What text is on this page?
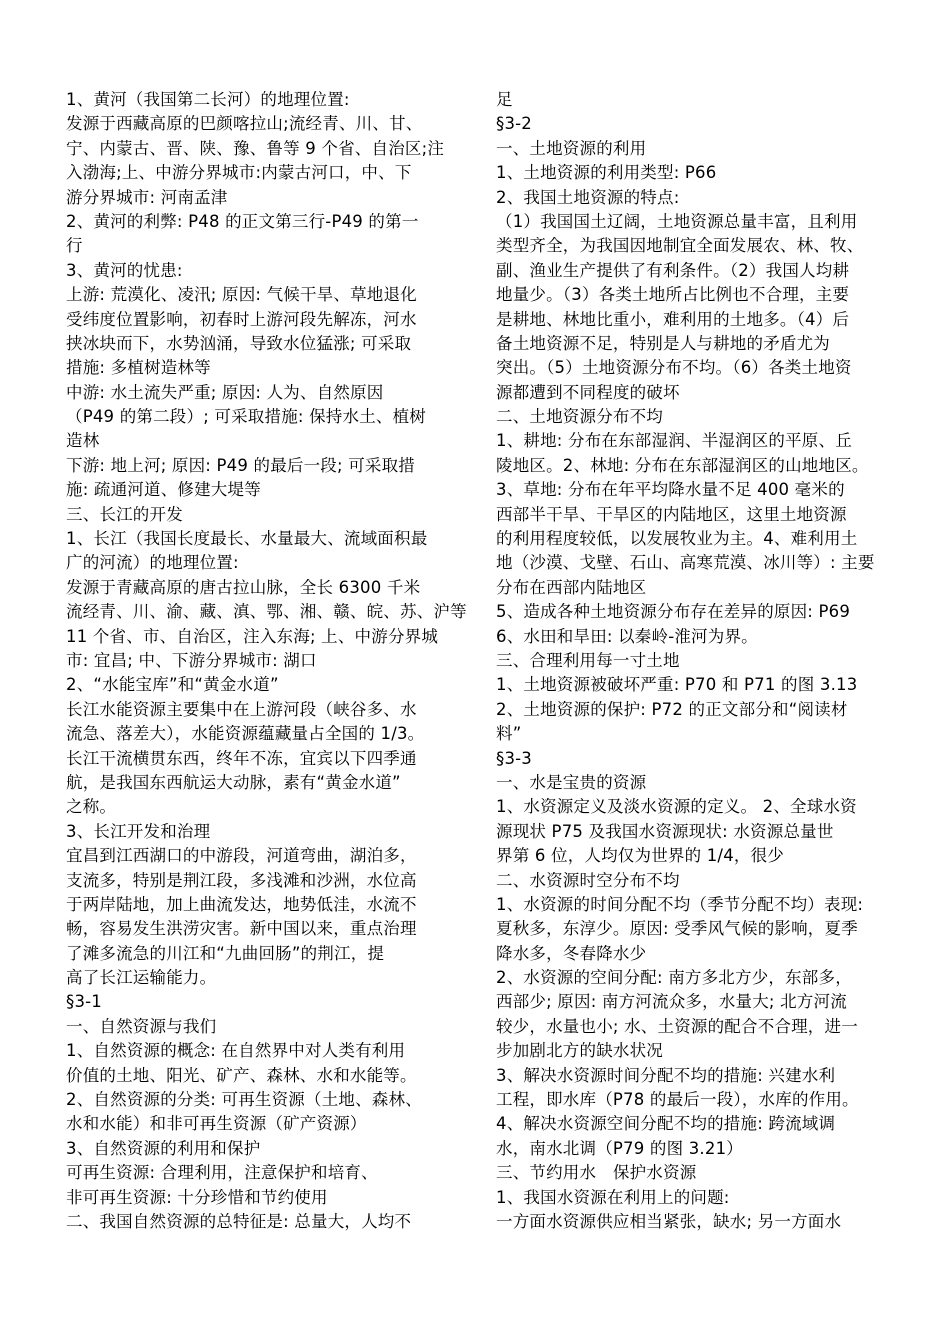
1、黄河（我国第二长河）的地理位置:
发源于西藏高原的巴颜喀拉山;流经青、川、甘、
宁、内蒙古、晋、陕、豫、鲁等 9 个省、自治区;注
入渤海;上、中游分界城市:内蒙古河口，中、下
游分界城市: 河南孟津
2、黄河的利弊: P48 的正文第三行-P49 的第一
行
3、黄河的忧患:
上游: 荒漠化、凌汛; 原因: 气候干旱、草地退化
受纬度位置影响，初春时上游河段先解冻，河水
挟冰块而下，水势汹涌，导致水位猛涨; 可采取
措施: 多植树造林等
中游: 水土流失严重; 原因: 人为、自然原因
（P49 的第二段）; 可采取措施: 保持水土、植树
造林
下游: 地上河; 原因: P49 的最后一段; 可采取措
施: 疏通河道、修建大堤等
三、长江的开发
1、长江（我国长度最长、水量最大、流域面积最
广的河流）的地理位置:
发源于青藏高原的唐古拉山脉，全长 6300 千米
流经青、川、渝、藏、滇、鄂、湘、赣、皖、苏、沪等
11 个省、市、自治区，注入东海; 上、中游分界城
市: 宜昌; 中、下游分界城市: 湖口
2、“水能宝库”和“黄金水道”
长江水能资源主要集中在上游河段（峡谷多、水
流急、落差大），水能资源蕴藏量占全国的 1/3。
长江干流横贯东西，终年不冻，宜宾以下四季通
航，是我国东西航运大动脉，素有“黄金水道”
之称。
3、长江开发和治理
宜昌到江西湖口的中游段，河道弯曲，湖泊多，
支流多，特别是荆江段，多浅滩和沙洲，水位高
于两岸陆地，加上曲流发达，地势低洼，水流不
畅，容易发生洪涝灾害。新中国以来，重点治理
了滩多流急的川江和“九曲回肠”的荆江，提
高了长江运输能力。
§3-1
一、自然资源与我们
1、自然资源的概念: 在自然界中对人类有利用
价值的土地、阳光、矿产、森林、水和水能等。
2、自然资源的分类: 可再生资源（土地、森林、
水和水能）和非可再生资源（矿产资源）
3、自然资源的利用和保护
可再生资源: 合理利用，注意保护和培育、
非可再生资源: 十分珍惜和节约使用
二、我国自然资源的总特征是: 总量大，人均不
足
§3-2
一、土地资源的利用
1、土地资源的利用类型: P66
2、我国土地资源的特点:
（1）我国国土辽阔，土地资源总量丰富，且利用
类型齐全，为我国因地制宜全面发展农、林、牧、
副、渔业生产提供了有利条件。（2）我国人均耕
地量少。（3）各类土地所占比例也不合理，主要
是耕地、林地比重小，难利用的土地多。（4）后
备土地资源不足，特别是人与耕地的矛盾尤为
突出。（5）土地资源分布不均。（6）各类土地资
源都遭到不同程度的破坏
二、土地资源分布不均
1、耕地: 分布在东部湿润、半湿润区的平原、丘
陵地区。2、林地: 分布在东部湿润区的山地地区。
3、草地: 分布在年平均降水量不足 400 毫米的
西部半干旱、干旱区的内陆地区，这里土地资源
的利用程度较低，以发展牧业为主。4、难利用土
地（沙漠、戈壁、石山、高寒荒漠、冰川等）: 主要
分布在西部内陆地区
5、造成各种土地资源分布存在差异的原因: P69
6、水田和旱田: 以秦岭-淮河为界。
三、合理利用每一寸土地
1、土地资源被破坏严重: P70 和 P71 的图 3.13
2、土地资源的保护: P72 的正文部分和“阅读材
料”
§3-3
一、水是宝贵的资源
1、水资源定义及淡水资源的定义。 2、全球水资
源现状 P75 及我国水资源现状: 水资源总量世
界第 6 位，人均仅为世界的 1/4，很少
二、水资源时空分布不均
1、水资源的时间分配不均（季节分配不均）表现:
夏秋多，东淳少。原因: 受季风气候的影响，夏季
降水多，冬春降水少
2、水资源的空间分配: 南方多北方少，东部多，
西部少; 原因: 南方河流众多，水量大; 北方河流
较少，水量也小; 水、土资源的配合不合理，进一
步加剧北方的缺水状况
3、解决水资源时间分配不均的措施: 兴建水利
工程，即水库（P78 的最后一段），水库的作用。
4、解决水资源空间分配不均的措施: 跨流域调
水，南水北调（P79 的图 3.21）
三、节约用水　保护水资源
1、我国水资源在利用上的问题:
一方面水资源供应相当紧张，缺水; 另一方面水
